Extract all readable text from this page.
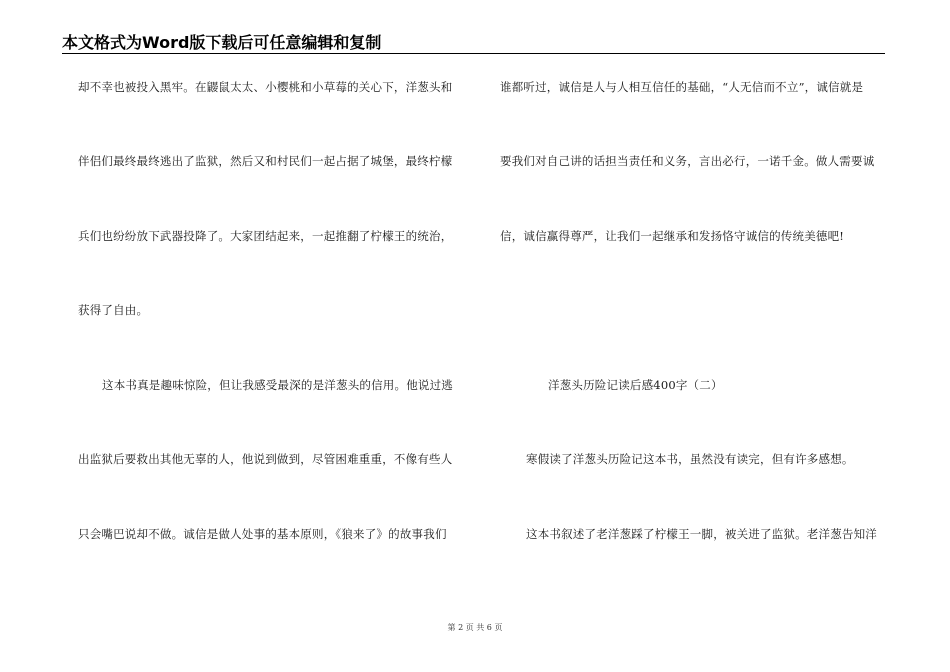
本文格式为Word版下载后可任意编辑和复制
却不幸也被投入黑牢。在鼹鼠太太、小樱桃和小草莓的关心下，洋葱头和
伴侣们最终最终逃出了监狱，然后又和村民们一起占据了城堡，最终柠檬
兵们也纷纷放下武器投降了。大家团结起来，一起推翻了柠檬王的统治，
获得了自由。
这本书真是趣味惊险，但让我感受最深的是洋葱头的信用。他说过逃
出监狱后要救出其他无辜的人，他说到做到，尽管困难重重，不像有些人
只会嘴巴说却不做。诚信是做人处事的基本原则，《狼来了》的故事我们
谁都听过，诚信是人与人相互信任的基础，“人无信而不立”，诚信就是
要我们对自己讲的话担当责任和义务，言出必行，一诺千金。做人需要诚
信，诚信赢得尊严，让我们一起继承和发扬恪守诚信的传统美德吧!
洋葱头历险记读后感400字（二）
寒假读了洋葱头历险记这本书，虽然没有读完，但有许多感想。
这本书叙述了老洋葱踩了柠檬王一脚，被关进了监狱。老洋葱告知洋
第 2 页 共 6 页
